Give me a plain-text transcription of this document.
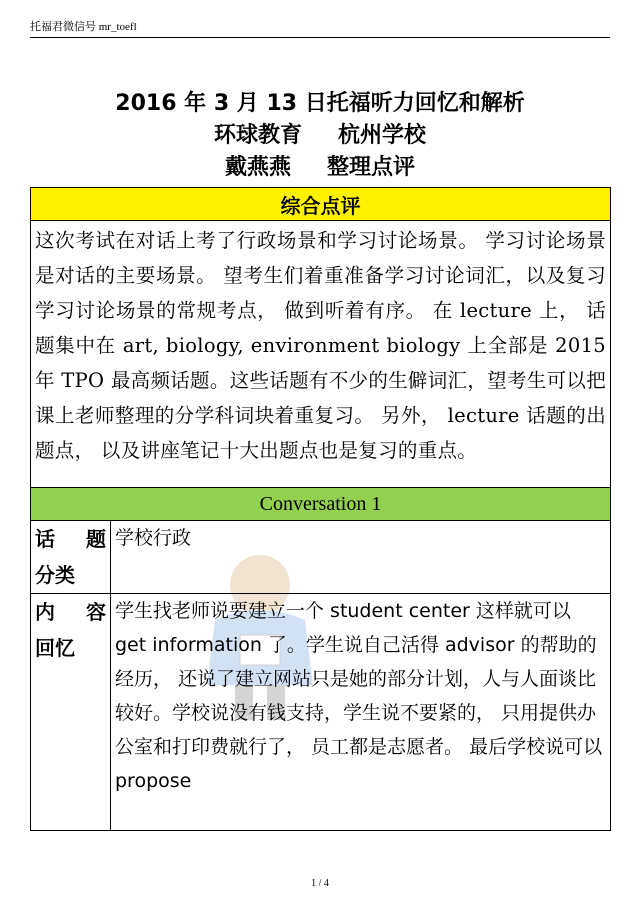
托福君微信号 mr_toefl
2016 年 3 月 13 日托福听力回忆和解析
环球教育 杭州学校
戴燕燕 整理点评
综合点评	
这次考试在对话上考了行政场景和学习讨论场景。 学习讨论场景是对话的主要场景。 望考生们着重准备学习讨论词汇，以及复习学习讨论场景的常规考点， 做到听着有序。 在 lecture 上， 话题集中在 art, biology, environment biology 上全部是 2015 年 TPO 最高频话题。这些话题有不少的生僻词汇，望考生可以把课上老师整理的分学科词块着重复习。 另外， lecture 话题的出题点， 以及讲座笔记十大出题点也是复习的重点。	
Conversation 1	

话 题
分类	学校行政

内 容
回忆	学生找老师说要建立一个 student center 这样就可以 get information 了。学生说自己活得 advisor 的帮助的经历， 还说了建立网站只是她的部分计划，人与人面谈比较好。学校说没有钱支持，学生说不要紧的， 只用提供办公室和打印费就行了， 员工都是志愿者。 最后学校说可以 propose
1 / 4
